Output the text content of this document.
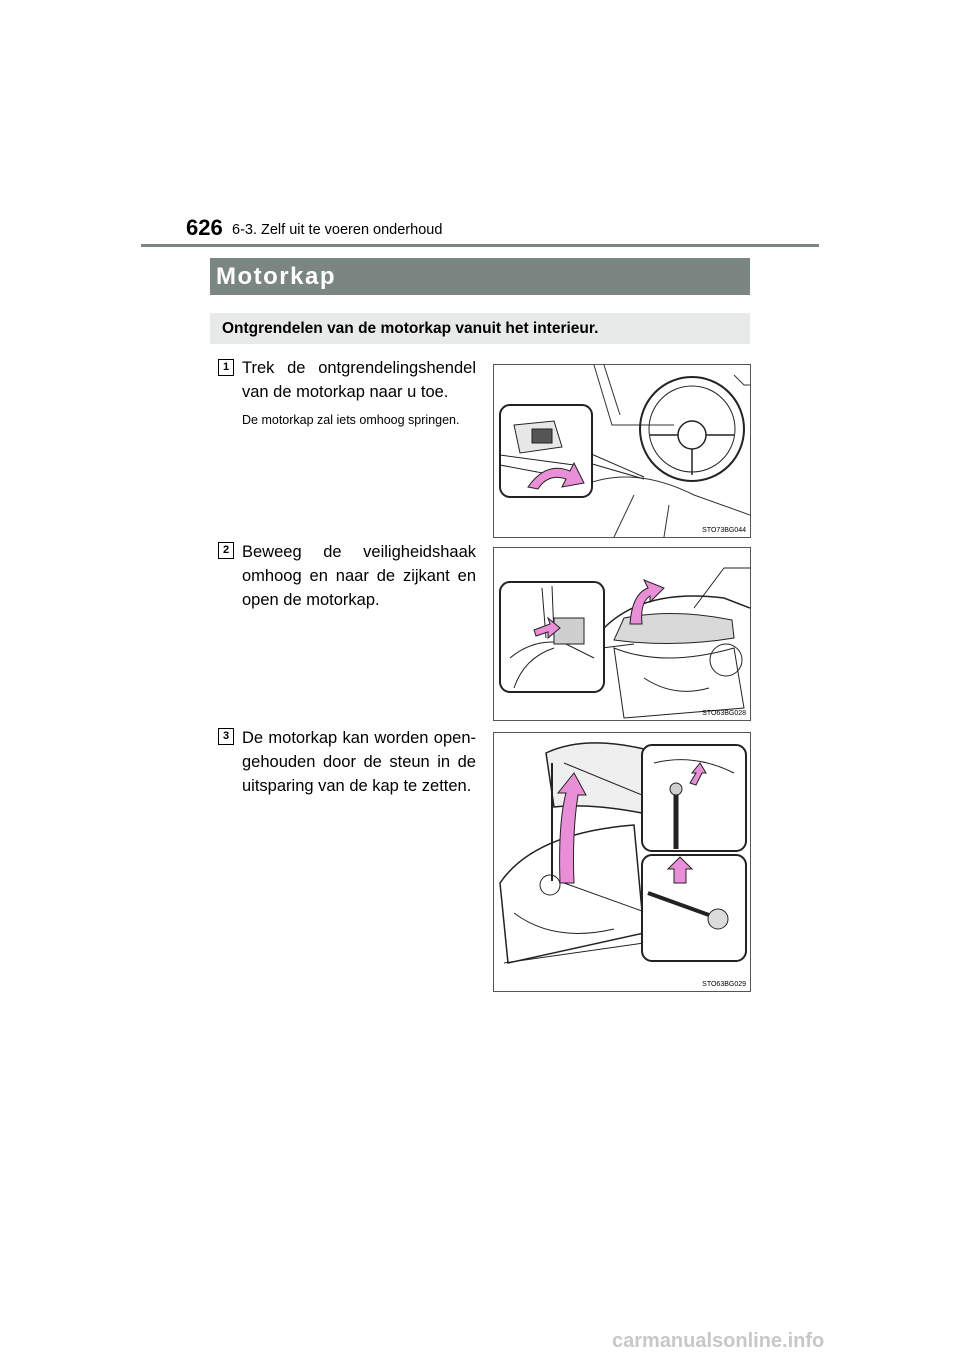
626 6-3. Zelf uit te voeren onderhoud
Motorkap
Ontgrendelen van de motorkap vanuit het interieur.
1 Trek de ontgrendelingshendel van de motorkap naar u toe.
De motorkap zal iets omhoog springen.
STO73BG044
2 Beweeg de veiligheidshaak omhoog en naar de zijkant en open de motorkap.
STO63BG028
3 De motorkap kan worden open-gehouden door de steun in de uitsparing van de kap te zetten.
STO63BG029
carmanualsonline.info
